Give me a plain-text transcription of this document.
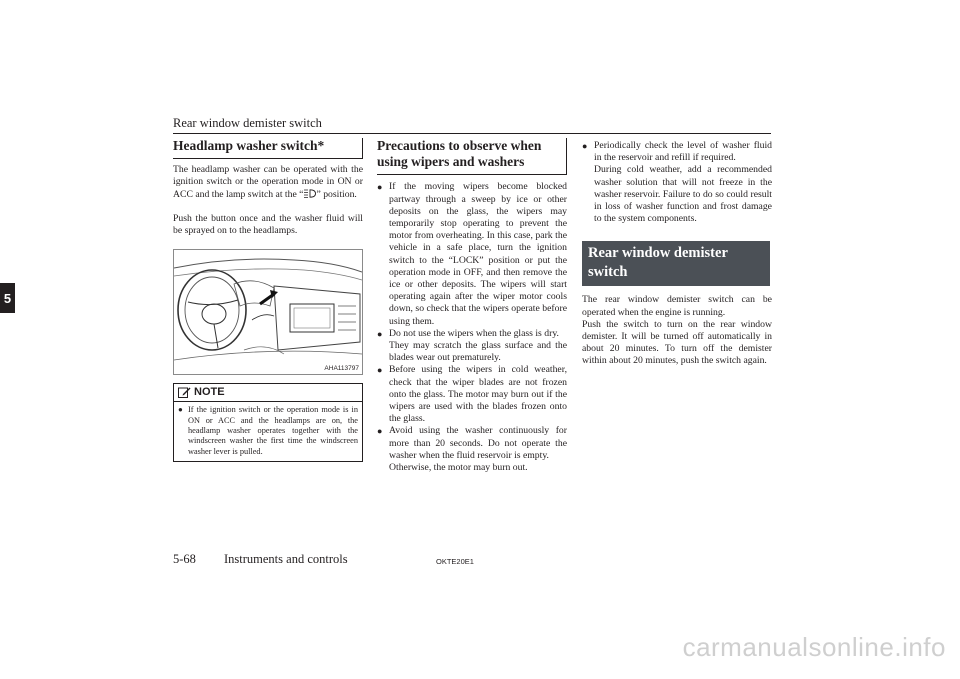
Rear window demister switch
5
Headlamp washer switch*

The headlamp washer can be operated with the ignition switch or the operation mode in ON or ACC and the lamp switch at the “ ” position.

Push the button once and the washer fluid will be sprayed on to the headlamps.

AHA113797
NOTE
● If the ignition switch or the operation mode is in ON or ACC and the headlamps are on, the headlamp washer operates together with the windscreen washer the first time the windscreen washer lever is pulled.
Precautions to observe when
using wipers and washers
● If the moving wipers become blocked partway through a sweep by ice or other deposits on the glass, the wipers may temporarily stop operating to prevent the motor from overheating. In this case, park the vehicle in a safe place, turn the ignition switch to the “LOCK” position or put the operation mode in OFF, and then remove the ice or other deposits. The wipers will start operating again after the wiper motor cools down, so check that the wipers operate before using them.

● Do not use the wipers when the glass is dry.

They may scratch the glass surface and the blades wear out prematurely.

● Before using the wipers in cold weather, check that the wiper blades are not frozen onto the glass. The motor may burn out if the wipers are used with the blades frozen onto the glass.

● Avoid using the washer continuously for more than 20 seconds. Do not operate the washer when the fluid reservoir is empty.

Otherwise, the motor may burn out.

● Periodically check the level of washer fluid in the reservoir and refill if required.

During cold weather, add a recommended washer solution that will not freeze in the washer reservoir. Failure to do so could result in loss of washer function and frost damage to the system components.

Rear window demister
switch

The rear window demister switch can be operated when the engine is running.

Push the switch to turn on the rear window demister. It will be turned off automatically in about 20 minutes. To turn off the demister within about 20 minutes, push the switch again.

5-68 Instruments and controls	OKTE20E1
carmanualsonline.info
